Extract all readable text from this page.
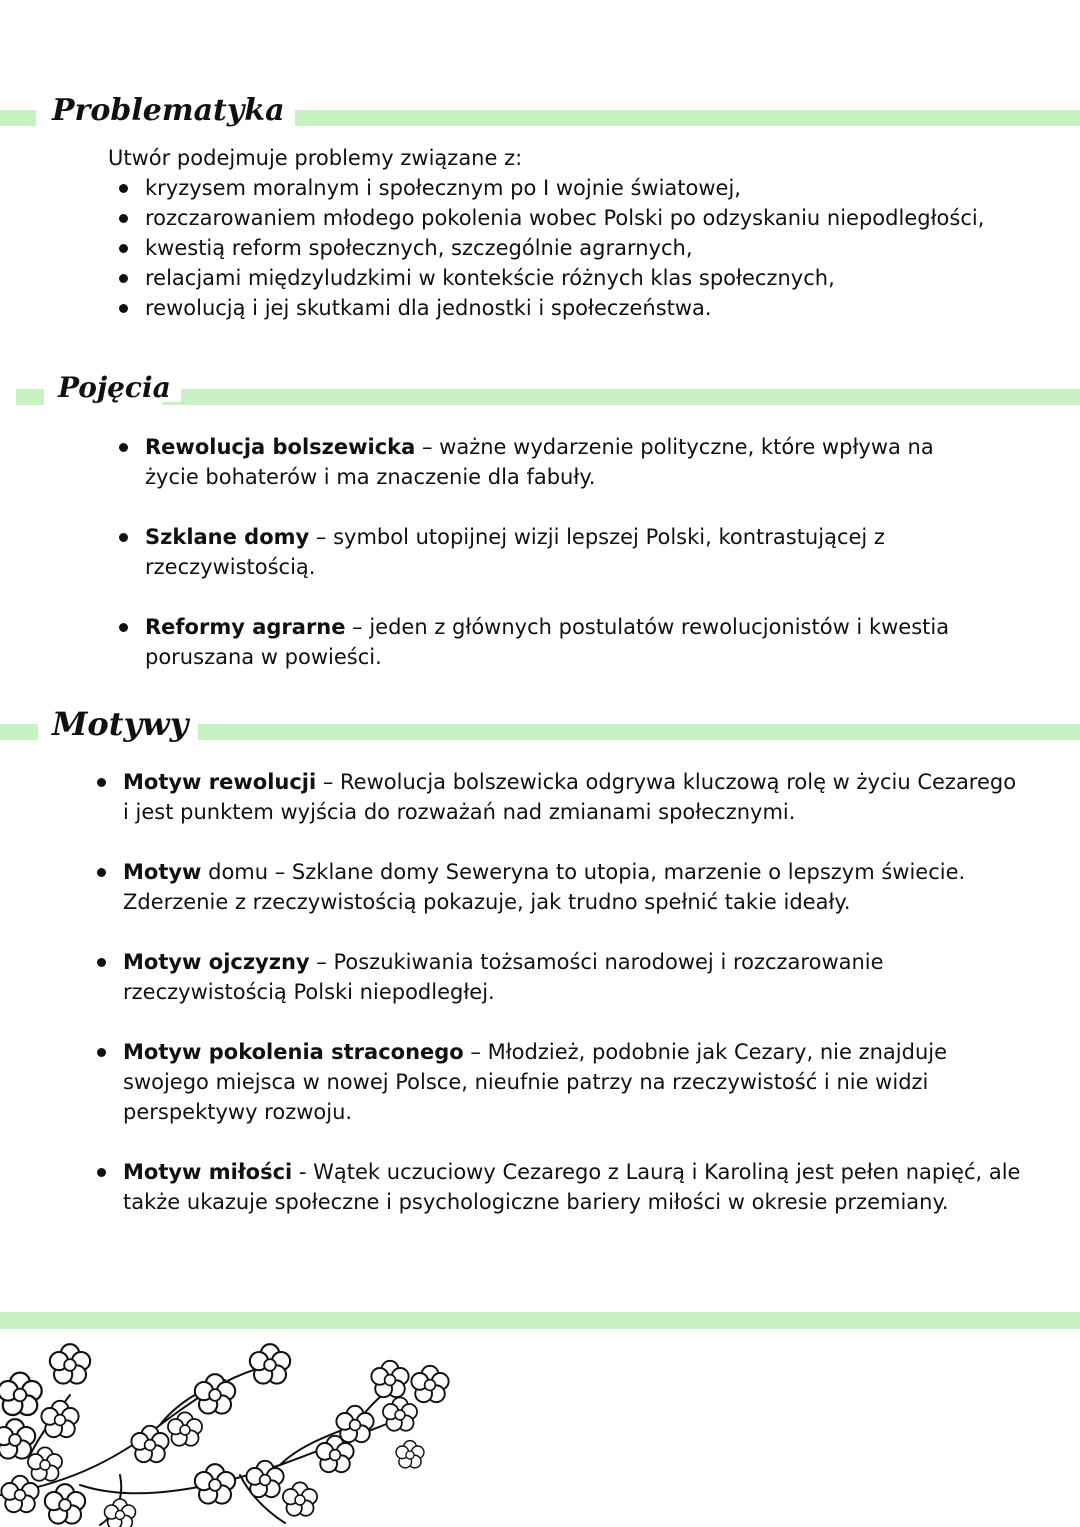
Problematyka
Utwór podejmuje problemy związane z:
kryzysem moralnym i społecznym po I wojnie światowej,
rozczarowaniem młodego pokolenia wobec Polski po odzyskaniu niepodległości,
kwestią reform społecznych, szczególnie agrarnych,
relacjami międzyludzkimi w kontekście różnych klas społecznych,
rewolucją i jej skutkami dla jednostki i społeczeństwa.
Pojęcia
Rewolucja bolszewicka – ważne wydarzenie polityczne, które wpływa na życie bohaterów i ma znaczenie dla fabuły.
Szklane domy – symbol utopijnej wizji lepszej Polski, kontrastującej z rzeczywistością.
Reformy agrarne – jeden z głównych postulatów rewolucjonistów i kwestia poruszana w powieści.
Motywy
Motyw rewolucji – Rewolucja bolszewicka odgrywa kluczową rolę w życiu Cezarego i jest punktem wyjścia do rozważań nad zmianami społecznymi.
Motyw domu – Szklane domy Seweryna to utopia, marzenie o lepszym świecie. Zderzenie z rzeczywistością pokazuje, jak trudno spełnić takie ideały.
Motyw ojczyzny – Poszukiwania tożsamości narodowej i rozczarowanie rzeczywistością Polski niepodległej.
Motyw pokolenia straconego – Młodzież, podobnie jak Cezary, nie znajduje swojego miejsca w nowej Polsce, nieufnie patrzy na rzeczywistość i nie widzi perspektywy rozwoju.
Motyw miłości - Wątek uczuciowy Cezarego z Laurą i Karoliną jest pełen napięć, ale także ukazuje społeczne i psychologiczne bariery miłości w okresie przemiany.
